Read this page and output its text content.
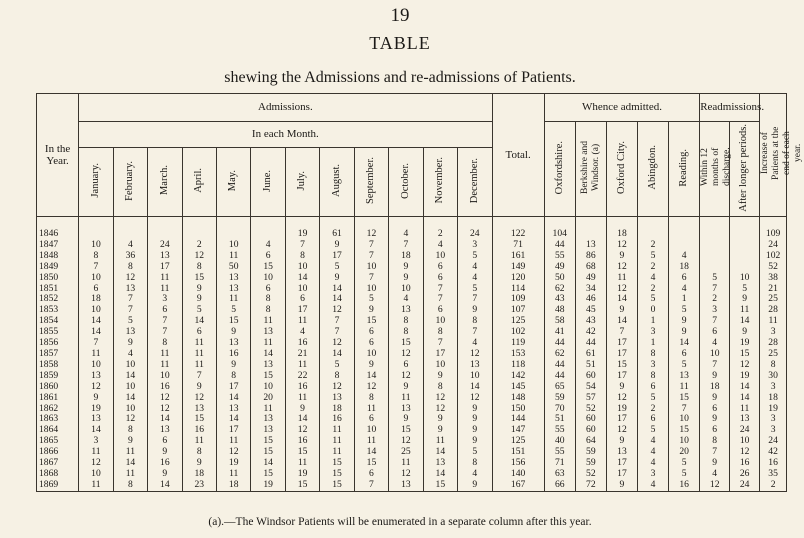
19
TABLE
shewing the Admissions and re-admissions of Patients.
In the Year.	Admissions.												Total.	Whence admitted.					Readmissions.		Increase of Patients at the end of each year.
	In each Month.													Oxfordshire.	Berkshire and Windsor. (a)	Oxford City.	Abingdon.	Reading.	Within 12 months of discharge.	After longer periods.	
	January.	February.	March.	April.	May.	June.	July.	August.	September.	October.	November.	December.									
1846							19	61	12	4	2	24	122	104		18					109
1847	10	4	24	2	10	4	7	9	7	7	4	3	71	44	13	12	2				24
1848	8	36	13	12	11	6	8	17	7	18	10	5	161	55	86	9	5	4			102
1849	7	8	17	8	50	15	10	5	10	9	6	4	149	49	68	12	2	18			52
1850	10	12	11	15	13	10	14	9	7	9	6	4	120	50	49	11	4	6	5	10	38
1851	6	13	11	9	13	6	10	14	10	10	7	5	114	62	34	12	2	4	7	5	21
1852	18	7	3	9	11	8	6	14	5	4	7	7	109	43	46	14	5	1	2	9	25
1853	10	7	6	5	5	8	17	12	9	13	6	9	107	48	45	9	0	5	3	11	28
1854	14	5	7	14	15	11	11	7	15	8	10	8	125	58	43	14	1	9	7	14	11
1855	14	13	7	6	9	13	4	7	6	8	8	7	102	41	42	7	3	9	6	9	3
1856	7	9	8	11	13	11	16	12	6	15	7	4	119	44	44	17	1	14	4	19	28
1857	11	4	11	11	16	14	21	14	10	12	17	12	153	62	61	17	8	6	10	15	25
1858	10	10	11	11	9	13	11	5	9	6	10	13	118	44	51	15	3	5	7	12	8
1859	13	14	10	7	8	15	22	8	14	12	9	10	142	44	60	17	8	13	9	19	30
1860	12	10	16	9	17	10	16	12	12	9	8	14	145	65	54	9	6	11	18	14	3
1861	9	14	12	12	14	20	11	13	8	11	12	12	148	59	57	12	5	15	9	14	18
1862	19	10	12	13	13	11	9	18	11	13	12	9	150	70	52	19	2	7	6	11	19
1863	13	12	14	15	14	13	14	16	6	9	9	9	144	51	60	17	6	10	9	13	3
1864	14	8	13	16	17	13	12	11	10	15	9	9	147	55	60	12	5	15	6	24	3
1865	3	9	6	11	11	15	16	11	11	12	11	9	125	40	64	9	4	10	8	10	24
1866	11	11	9	8	12	15	15	11	14	25	14	5	151	55	59	13	4	20	7	12	42
1867	12	14	16	9	19	14	11	15	15	11	13	8	156	71	59	17	4	5	9	16	16
1868	10	11	9	18	11	15	19	15	6	12	14	4	140	63	52	17	3	5	4	26	35
1869	11	8	14	23	18	19	15	15	7	13	15	9	167	66	72	9	4	16	12	24	2
(a).—The Windsor Patients will be enumerated in a separate column after this year.
